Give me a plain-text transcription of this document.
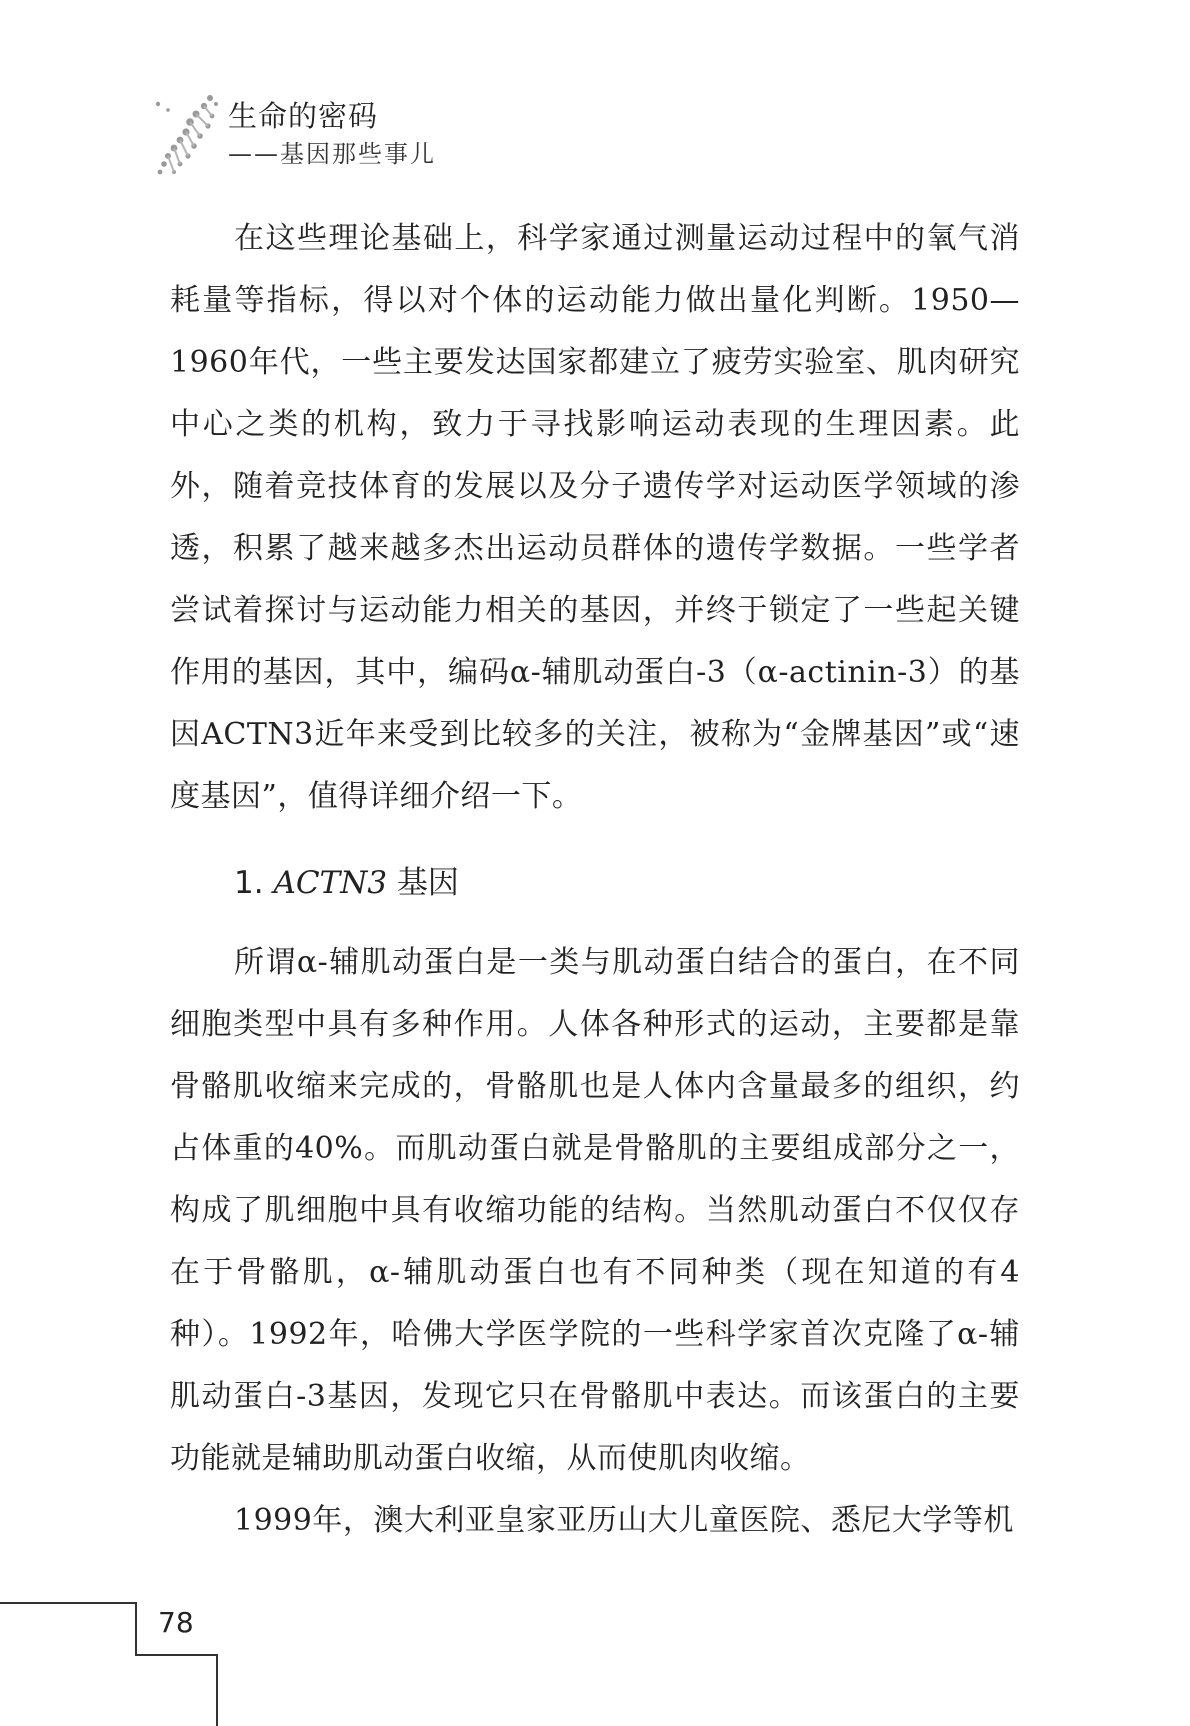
生命的密码
——基因那些事儿

在这些理论基础上，科学家通过测量运动过程中的氧气消耗量等指标，得以对个体的运动能力做出量化判断。1950—1960年代，一些主要发达国家都建立了疲劳实验室、肌肉研究中心之类的机构，致力于寻找影响运动表现的生理因素。此外，随着竞技体育的发展以及分子遗传学对运动医学领域的渗透，积累了越来越多杰出运动员群体的遗传学数据。一些学者尝试着探讨与运动能力相关的基因，并终于锁定了一些起关键作用的基因，其中，编码α-辅肌动蛋白-3（α-actinin-3）的基因ACTN3近年来受到比较多的关注，被称为“金牌基因”或“速度基因”，值得详细介绍一下。

1. ACTN3 基因

所谓α-辅肌动蛋白是一类与肌动蛋白结合的蛋白，在不同细胞类型中具有多种作用。人体各种形式的运动，主要都是靠骨骼肌收缩来完成的，骨骼肌也是人体内含量最多的组织，约占体重的40%。而肌动蛋白就是骨骼肌的主要组成部分之一，构成了肌细胞中具有收缩功能的结构。当然肌动蛋白不仅仅存在于骨骼肌，α-辅肌动蛋白也有不同种类（现在知道的有4种）。1992年，哈佛大学医学院的一些科学家首次克隆了α-辅肌动蛋白-3基因，发现它只在骨骼肌中表达。而该蛋白的主要功能就是辅助肌动蛋白收缩，从而使肌肉收缩。

1999年，澳大利亚皇家亚历山大儿童医院、悉尼大学等机

78
